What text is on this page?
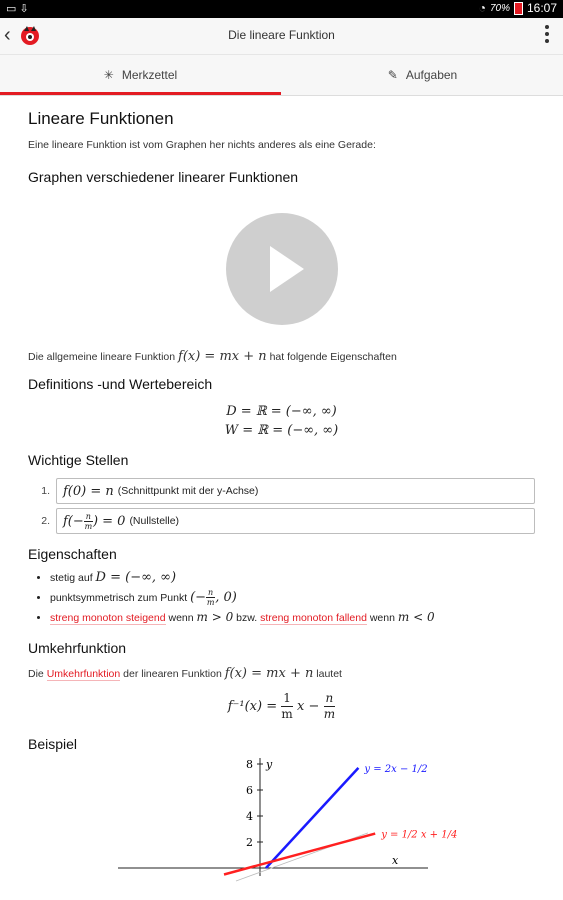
▭ ⇩	◔ 70% 16:07
‹	Die lineare Funktion
✳ Merkzettel	✎ Aufgaben
Lineare Funktionen

Eine lineare Funktion ist vom Graphen her nichts anderes als eine Gerade:

Graphen verschiedener linearer Funktionen

Die allgemeine lineare Funktion f(x) = mx + n hat folgende Eigenschaften

Definitions -und Wertebereich
D = ℝ = (−∞, ∞)
W = ℝ = (−∞, ∞)
Wichtige Stellen
1. f(0) = n (Schnittpunkt mit der y-Achse)
2. $f(- \frac{n}{m}$ ) = 0 (Nullstelle)
Eigenschaften
• stetig auf D = (−∞, ∞)
• punktsymmetrisch zum Punkt (− $\frac{n}{m}$ , 0)
• streng monoton steigend wenn m > 0 bzw. streng monoton fallend wenn m < 0
Umkehrfunktion

Die Umkehrfunktion der linearen Funktion f(x) = mx + n lautet

$f^{-1}(x) = \frac{1}{m}$ $x - \frac{n}{m}$
Beispiel
2
4
6
8
x
y	y = 2x − 1/2
y = 1/2 x + 1/4
